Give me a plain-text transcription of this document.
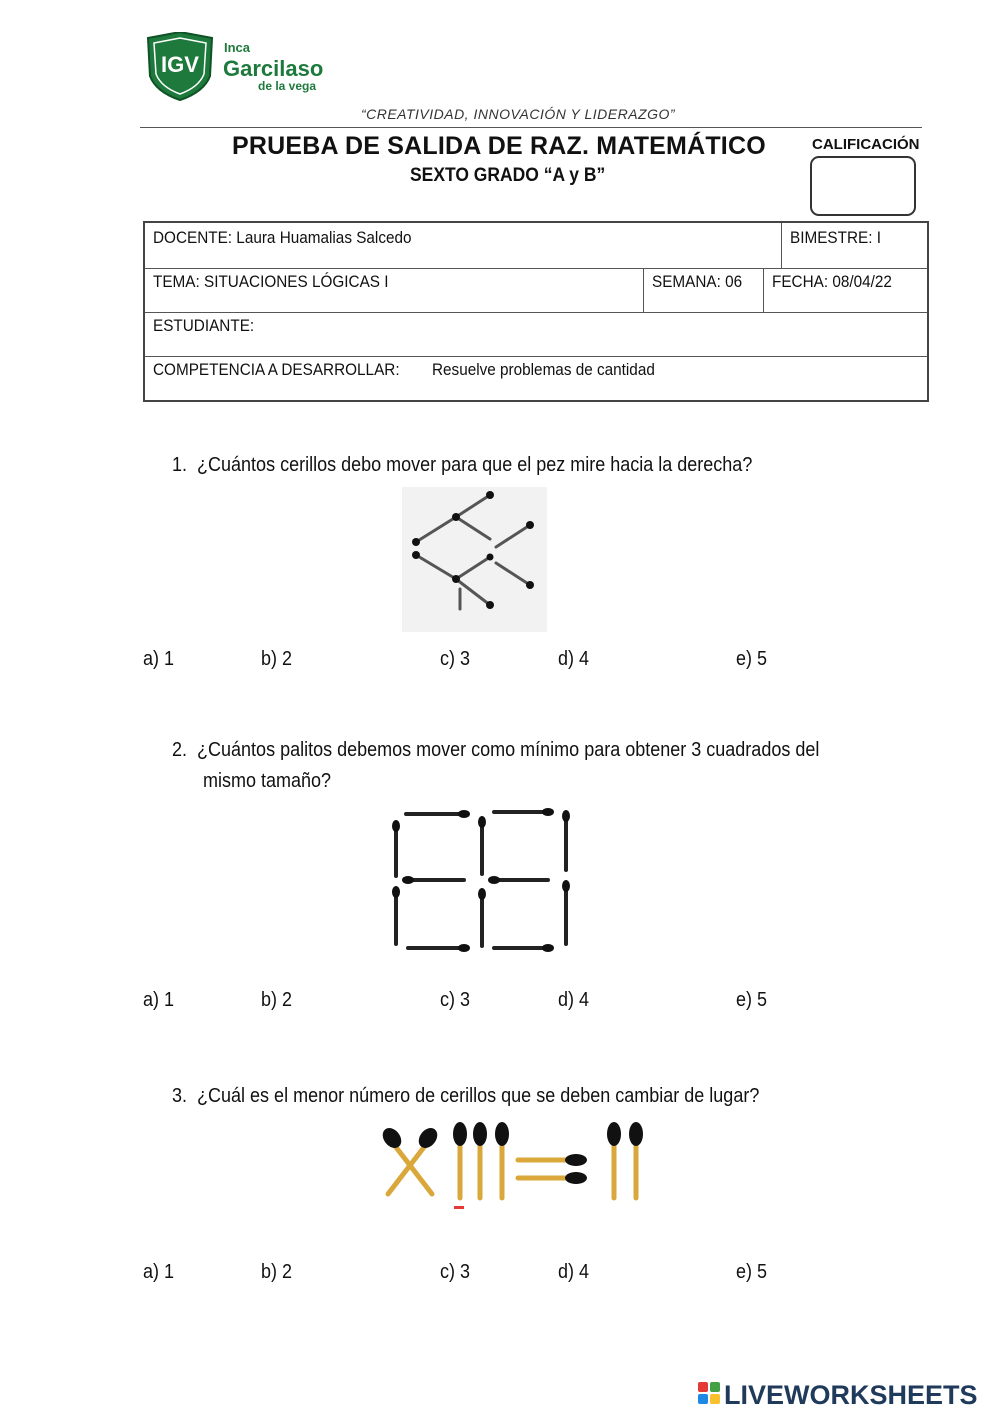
IGV
Inca
Garcilaso
de la vega
“CREATIVIDAD, INNOVACIÓN Y LIDERAZGO”
PRUEBA DE SALIDA DE RAZ. MATEMÁTICO
SEXTO GRADO “A y B”
CALIFICACIÓN
DOCENTE: Laura Huamalias Salcedo	BIMESTRE: I
TEMA: SITUACIONES LÓGICAS I	SEMANA: 06	FECHA: 08/04/22
ESTUDIANTE:
COMPETENCIA A DESARROLLAR: Resuelve problemas de cantidad
1. ¿Cuántos cerillos debo mover para que el pez mire hacia la derecha?
a) 1	b) 2	c) 3	d) 4	e) 5
2. ¿Cuántos palitos debemos mover como mínimo para obtener 3 cuadrados del
mismo tamaño?
a) 1	b) 2	c) 3	d) 4	e) 5
3. ¿Cuál es el menor número de cerillos que se deben cambiar de lugar?
a) 1	b) 2	c) 3	d) 4	e) 5
LIVEWORKSHEETS
